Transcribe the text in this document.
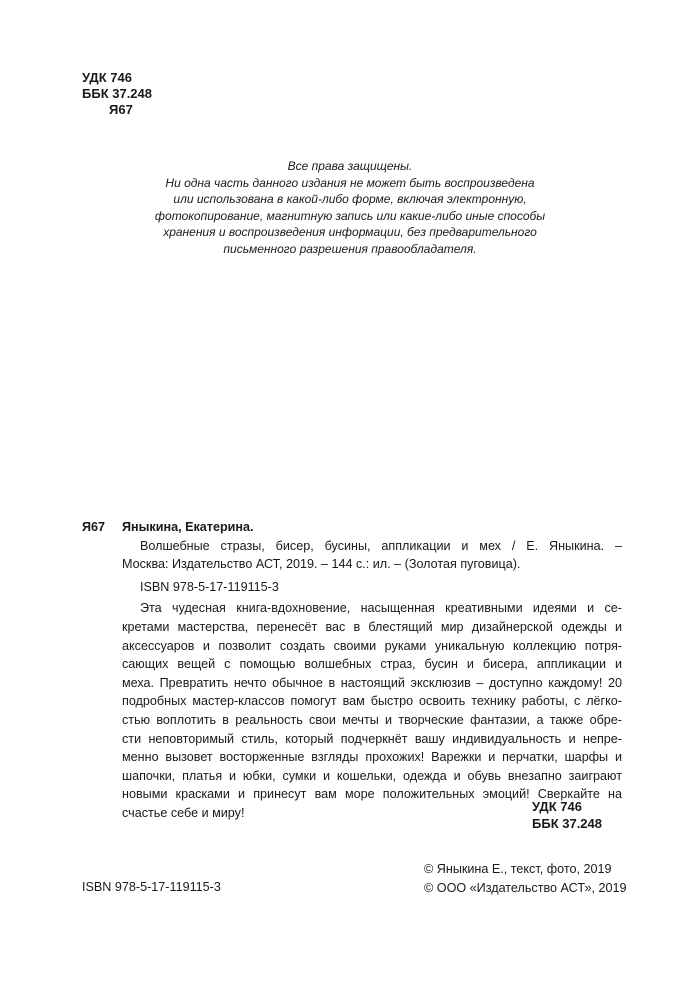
УДК 746
ББК 37.248
Я67
Все права защищены.
Ни одна часть данного издания не может быть воспроизведена
или использована в какой-либо форме, включая электронную,
фотокопирование, магнитную запись или какие-либо иные способы
хранения и воспроизведения информации, без предварительного
письменного разрешения правообладателя.
Я67	Яныкина, Екатерина.
Волшебные стразы, бисер, бусины, аппликации и мех / Е. Яныкина. –
Москва: Издательство АСТ, 2019. – 144 с.: ил. – (Золотая пуговица).
ISBN 978-5-17-119115-3
Эта чудесная книга-вдохновение, насыщенная креативными идеями и се-
кретами мастерства, перенесёт вас в блестящий мир дизайнерской одежды и
аксессуаров и позволит создать своими руками уникальную коллекцию потря-
сающих вещей с помощью волшебных страз, бусин и бисера, аппликации и
меха. Превратить нечто обычное в настоящий эксклюзив – доступно каждому! 20
подробных мастер-классов помогут вам быстро освоить технику работы, с лёгко-
стью воплотить в реальность свои мечты и творческие фантазии, а также обре-
сти неповторимый стиль, который подчеркнёт вашу индивидуальность и непре-
менно вызовет восторженные взгляды прохожих! Варежки и перчатки, шарфы и
шапочки, платья и юбки, сумки и кошельки, одежда и обувь внезапно заиграют
новыми красками и принесут вам море положительных эмоций! Сверкайте на
счастье себе и миру!	УДК 746
ББК 37.248
ISBN 978-5-17-119115-3
© Яныкина Е., текст, фото, 2019
© ООО «Издательство АСТ», 2019
